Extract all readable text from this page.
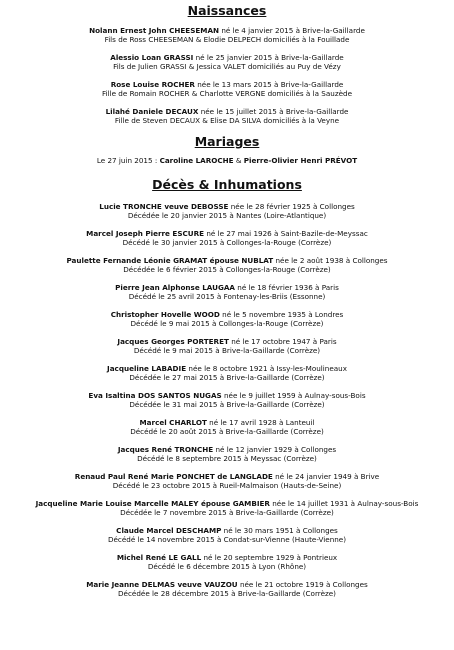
Naissances
Nolann Ernest John CHEESEMAN né le 4 janvier 2015 à Brive-la-Gaillarde
Fils de Ross CHEESEMAN & Elodie DELPECH domiciliés à la Fouillade
Alessio Loan GRASSI né le 25 janvier 2015 à Brive-la-Gaillarde
Fils de Julien GRASSI & Jessica VALET domiciliés au Puy de Vézy
Rose Louise ROCHER née le 13 mars 2015 à Brive-la-Gaillarde
Fille de Romain ROCHER & Charlotte VERGNE domiciliés à la Sauzède
Lilahé Daniele DECAUX née le 15 juillet 2015 à Brive-la-Gaillarde
Fille de Steven DECAUX & Elise DA SILVA domiciliés à la Veyne
Mariages
Le 27 juin 2015 : Caroline LAROCHE & Pierre-Olivier Henri PRÉVOT
Décès & Inhumations
Lucie TRONCHE veuve DEBOSSE née le 28 février 1925 à Collonges
Décédée le 20 janvier 2015 à Nantes (Loire-Atlantique)
Marcel Joseph Pierre ESCURE né le 27 mai 1926 à Saint-Bazile-de-Meyssac
Décédé le 30 janvier 2015 à Collonges-la-Rouge (Corrèze)
Paulette Fernande Léonie GRAMAT épouse NUBLAT née le 2 août 1938 à Collonges
Décédée le 6 février 2015 à Collonges-la-Rouge (Corrèze)
Pierre Jean Alphonse LAUGAA né le 18 février 1936 à Paris
Décédé le 25 avril 2015 à Fontenay-les-Briis (Essonne)
Christopher Hovelle WOOD né le 5 novembre 1935 à Londres
Décédé le 9 mai 2015 à Collonges-la-Rouge (Corrèze)
Jacques Georges PORTERET né le 17 octobre 1947 à Paris
Décédé le 9 mai 2015 à Brive-la-Gaillarde (Corrèze)
Jacqueline LABADIE née le 8 octobre 1921 à Issy-les-Moulineaux
Décédée le 27 mai 2015 à Brive-la-Gaillarde (Corrèze)
Eva Isaltina DOS SANTOS NUGAS née le 9 juillet 1959 à Aulnay-sous-Bois
Décédée le 31 mai 2015 à Brive-la-Gaillarde (Corrèze)
Marcel CHARLOT né le 17 avril 1928 à Lanteuil
Décédé le 20 août 2015 à Brive-la-Gaillarde (Corrèze)
Jacques René TRONCHE né le 12 janvier 1929 à Collonges
Décédé le 8 septembre 2015 à Meyssac (Corrèze)
Renaud Paul René Marie PONCHET de LANGLADE né le 24 janvier 1949 à Brive
Décédé le 23 octobre 2015 à Rueil-Malmaison (Hauts-de-Seine)
Jacqueline Marie Louise Marcelle MALEY épouse GAMBIER née le 14 juillet 1931 à Aulnay-sous-Bois
Décédée le 7 novembre 2015 à Brive-la-Gaillarde (Corrèze)
Claude Marcel DESCHAMP né le 30 mars 1951 à Collonges
Décédé le 14 novembre 2015 à Condat-sur-Vienne (Haute-Vienne)
Michel René LE GALL né le 20 septembre 1929 à Pontrieux
Décédé le 6 décembre 2015 à Lyon (Rhône)
Marie Jeanne DELMAS veuve VAUZOU née le 21 octobre 1919 à Collonges
Décédée le 28 décembre 2015 à Brive-la-Gaillarde (Corrèze)
